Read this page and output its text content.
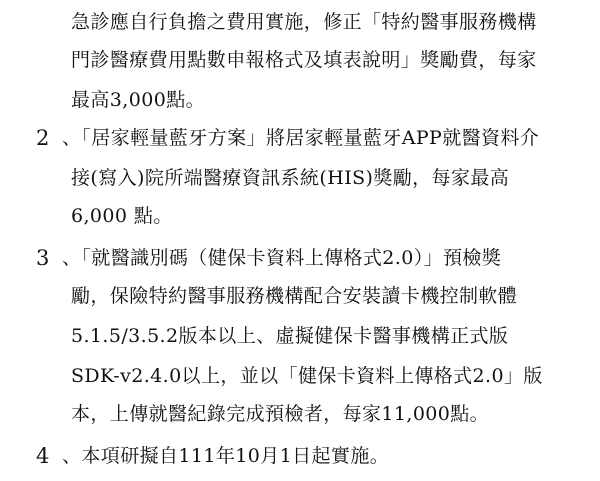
急診應自行負擔之費用實施，修正「特約醫事服務機構
門診醫療費用點數申報格式及填表說明」獎勵費，每家
最高3,000點。
2 、「居家輕量藍牙方案」將居家輕量藍牙APP就醫資料介
接(寫入)院所端醫療資訊系統(HIS)獎勵，每家最高
6,000 點。
3 、「就醫識別碼（健保卡資料上傳格式2.0）」預檢獎
勵，保險特約醫事服務機構配合安裝讀卡機控制軟體
5.1.5/3.5.2版本以上、虛擬健保卡醫事機構正式版
SDK-v2.4.0以上，並以「健保卡資料上傳格式2.0」版
本，上傳就醫紀錄完成預檢者，每家11,000點。
4 、本項研擬自111年10月1日起實施。
